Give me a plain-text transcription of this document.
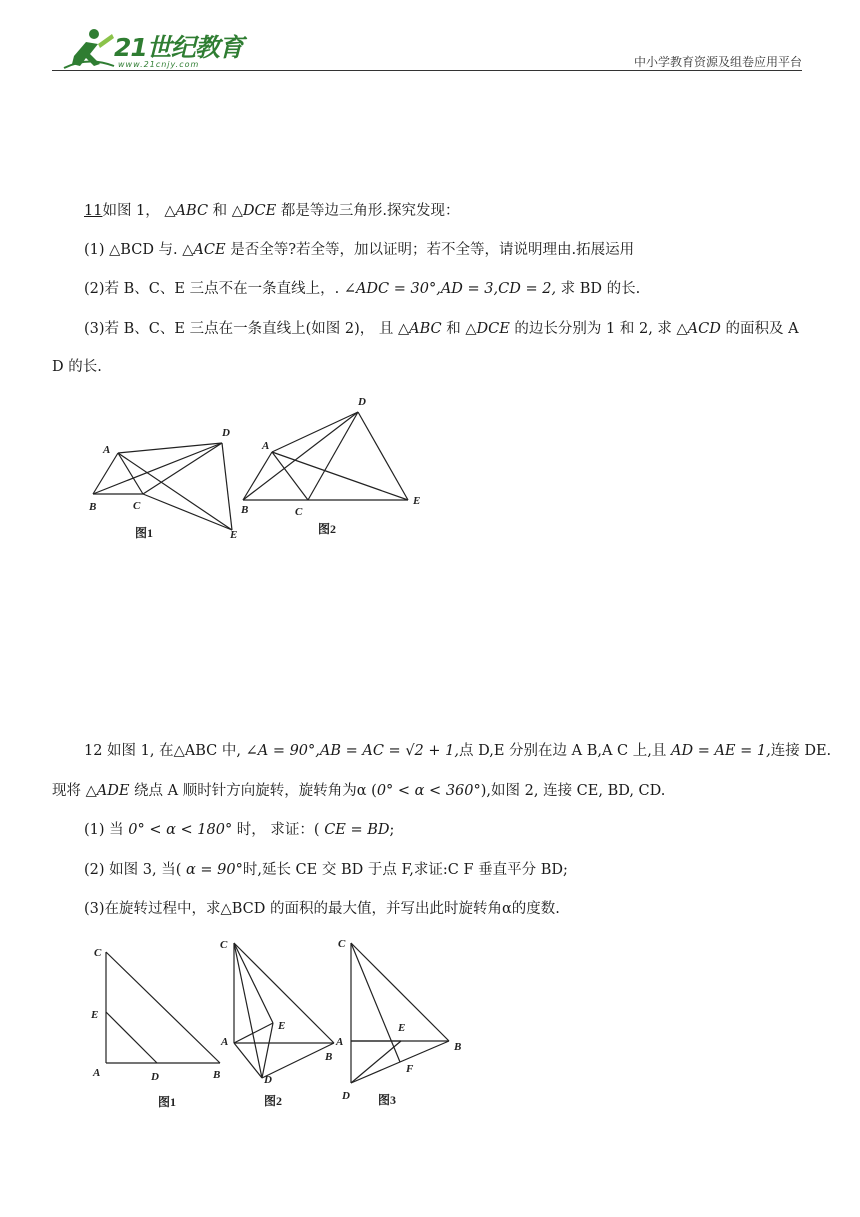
21世纪教育
www.21cnjy.com	中小学教育资源及组卷应用平台
11如图 1， △ABC 和 △DCE 都是等边三角形.探究发现：
(1) △BCD 与. △ACE 是否全等?若全等，加以证明；若不全等，请说明理由.拓展运用
(2)若 B、C、E 三点不在一条直线上，. ∠ADC = 30°,AD = 3,CD = 2, 求 BD 的长.
(3)若 B、C、E 三点在一条直线上(如图 2)， 且 △ABC 和 △DCE 的边长分别为 1 和 2, 求 △ACD 的面积及 A
D 的长.
A
B	C
D
E
图1
A
B	C
D
E
图2
12 如图 1, 在△ABC 中, ∠A = 90°,AB = AC = √2 + 1,点 D,E 分别在边 A B,A C 上,且 AD = AE = 1,连接 DE.
现将 △ADE 绕点 A 顺时针方向旋转，旋转角为α (0° < α < 360°),如图 2, 连接 CE, BD, CD.
(1) 当 0° < α < 180° 时， 求证：( CE = BD;
(2) 如图 3, 当( α = 90°时,延长 CE 交 BD 于点 F,求证:C F 垂直平分 BD;
(3)在旋转过程中，求△BCD 的面积的最大值，并写出此时旋转角α的度数.
C
E
A	D	B
图1
C
E
A
B
D
图2
C
E
A	B
F
D 图3
